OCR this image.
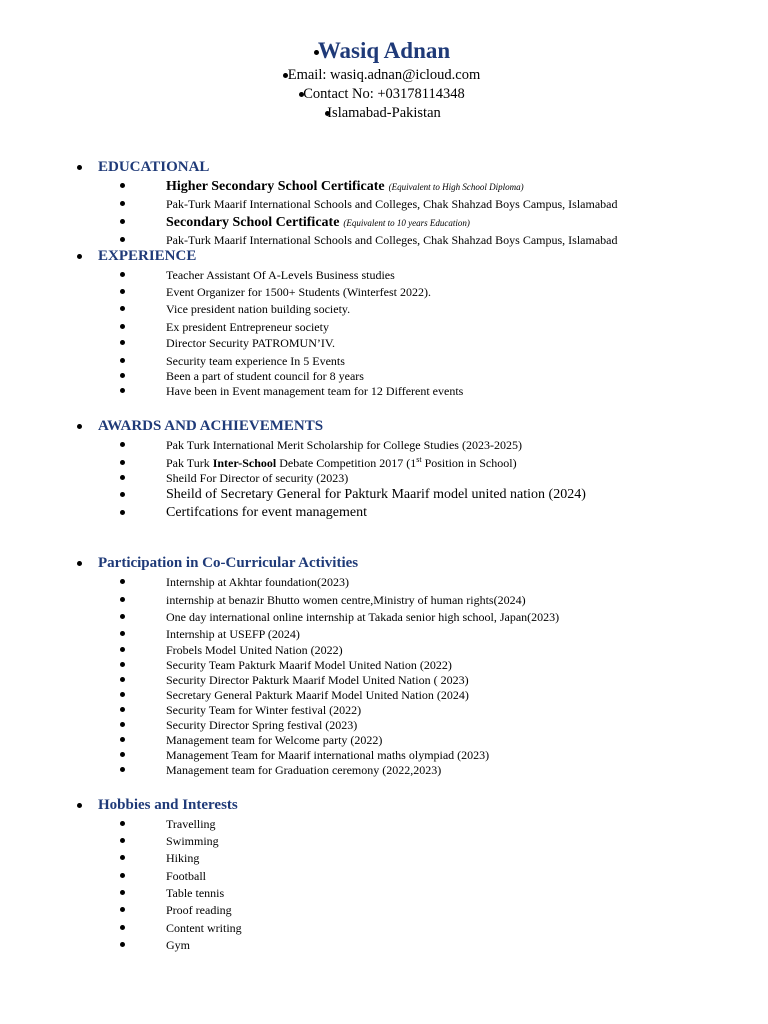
Wasiq Adnan
Email: wasiq.adnan@icloud.com
Contact No: +03178114348
Islamabad-Pakistan
EDUCATIONAL
Higher Secondary School Certificate (Equivalent to High School Diploma)
Pak-Turk Maarif International Schools and Colleges, Chak Shahzad Boys Campus, Islamabad
Secondary School Certificate (Equivalent to 10 years Education)
Pak-Turk Maarif International Schools and Colleges, Chak Shahzad Boys Campus, Islamabad
EXPERIENCE
Teacher Assistant Of A-Levels Business studies
Event Organizer for 1500+ Students (Winterfest 2022).
Vice president nation building society.
Ex president Entrepreneur society
Director Security PATROMUN’IV.
Security team experience In 5 Events
Been a part of student council for 8 years
Have been in Event management team for 12 Different events
AWARDS AND ACHIEVEMENTS
Pak Turk International Merit Scholarship for College Studies (2023-2025)
Pak Turk Inter-School Debate Competition 2017 (1st Position in School)
Sheild For Director of security (2023)
Sheild of Secretary General for Pakturk Maarif model united nation (2024)
Certifcations for event management
Participation in Co-Curricular Activities
Internship at Akhtar foundation(2023)
internship at benazir Bhutto women centre,Ministry of human rights(2024)
One day international online internship at Takada senior high school, Japan(2023)
Internship at USEFP (2024)
Frobels Model United Nation (2022)
Security Team Pakturk Maarif Model United Nation (2022)
Security Director Pakturk Maarif Model United Nation ( 2023)
Secretary General Pakturk Maarif Model United Nation (2024)
Security Team for Winter festival (2022)
Security Director Spring festival (2023)
Management team for Welcome party (2022)
Management Team for Maarif international maths olympiad (2023)
Management team for Graduation ceremony (2022,2023)
Hobbies and Interests
Travelling
Swimming
Hiking
Football
Table tennis
Proof reading
Content writing
Gym
